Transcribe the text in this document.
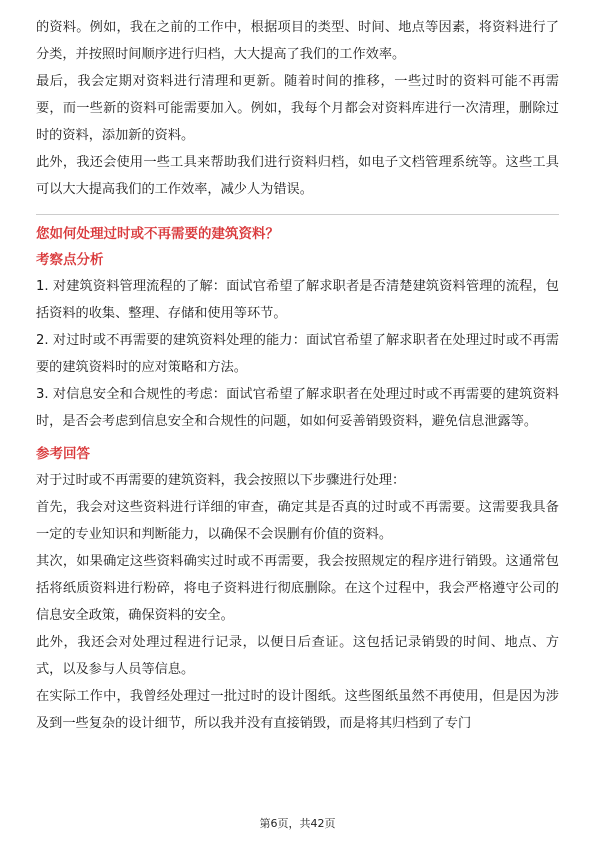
的资料。例如，我在之前的工作中，根据项目的类型、时间、地点等因素，将资料进行了分类，并按照时间顺序进行归档，大大提高了我们的工作效率。

最后，我会定期对资料进行清理和更新。随着时间的推移，一些过时的资料可能不再需要，而一些新的资料可能需要加入。例如，我每个月都会对资料库进行一次清理，删除过时的资料，添加新的资料。

此外，我还会使用一些工具来帮助我们进行资料归档，如电子文档管理系统等。这些工具可以大大提高我们的工作效率，减少人为错误。

您如何处理过时或不再需要的建筑资料？

考察点分析

1. 对建筑资料管理流程的了解：面试官希望了解求职者是否清楚建筑资料管理的流程，包括资料的收集、整理、存储和使用等环节。

2. 对过时或不再需要的建筑资料处理的能力：面试官希望了解求职者在处理过时或不再需要的建筑资料时的应对策略和方法。

3. 对信息安全和合规性的考虑：面试官希望了解求职者在处理过时或不再需要的建筑资料时，是否会考虑到信息安全和合规性的问题，如如何妥善销毁资料，避免信息泄露等。

参考回答

对于过时或不再需要的建筑资料，我会按照以下步骤进行处理：

首先，我会对这些资料进行详细的审查，确定其是否真的过时或不再需要。这需要我具备一定的专业知识和判断能力，以确保不会误删有价值的资料。

其次，如果确定这些资料确实过时或不再需要，我会按照规定的程序进行销毁。这通常包括将纸质资料进行粉碎，将电子资料进行彻底删除。在这个过程中，我会严格遵守公司的信息安全政策，确保资料的安全。

此外，我还会对处理过程进行记录，以便日后查证。这包括记录销毁的时间、地点、方式，以及参与人员等信息。

在实际工作中，我曾经处理过一批过时的设计图纸。这些图纸虽然不再使用，但是因为涉及到一些复杂的设计细节，所以我并没有直接销毁，而是将其归档到了专门

第6页，共42页
